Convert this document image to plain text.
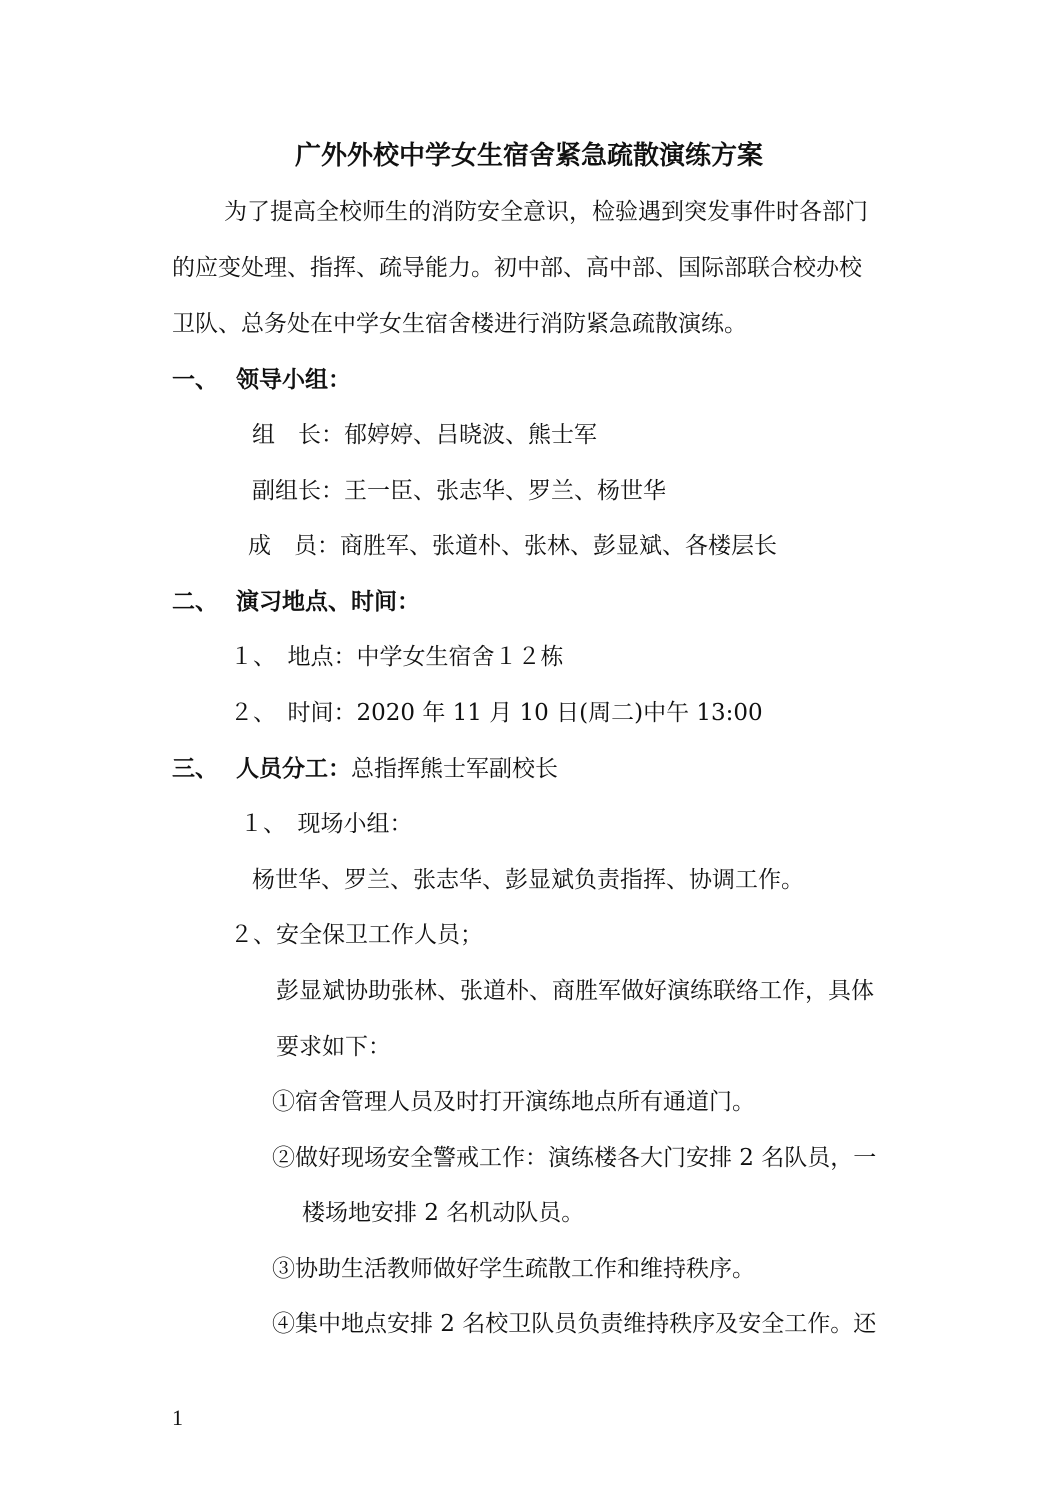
广外外校中学女生宿舍紧急疏散演练方案
为了提高全校师生的消防安全意识，检验遇到突发事件时各部门
的应变处理、指挥、疏导能力。初中部、高中部、国际部联合校办校
卫队、总务处在中学女生宿舍楼进行消防紧急疏散演练。
一、 领导小组：
组　长：郁婷婷、吕晓波、熊士军
副组长：王一臣、张志华、罗兰、杨世华
成　员：商胜军、张道朴、张林、彭显斌、各楼层长
二、 演习地点、时间：
１、　地点：中学女生宿舍１２栋
２、　时间：2020 年 11 月 10 日(周二)中午 13:00
三、 人员分工：总指挥熊士军副校长
１、　现场小组：
杨世华、罗兰、张志华、彭显斌负责指挥、协调工作。
２、安全保卫工作人员；
彭显斌协助张林、张道朴、商胜军做好演练联络工作，具体
要求如下：
①宿舍管理人员及时打开演练地点所有通道门。
②做好现场安全警戒工作：演练楼各大门安排 2 名队员，一
楼场地安排 2 名机动队员。
③协助生活教师做好学生疏散工作和维持秩序。
④集中地点安排 2 名校卫队员负责维持秩序及安全工作。还
1
